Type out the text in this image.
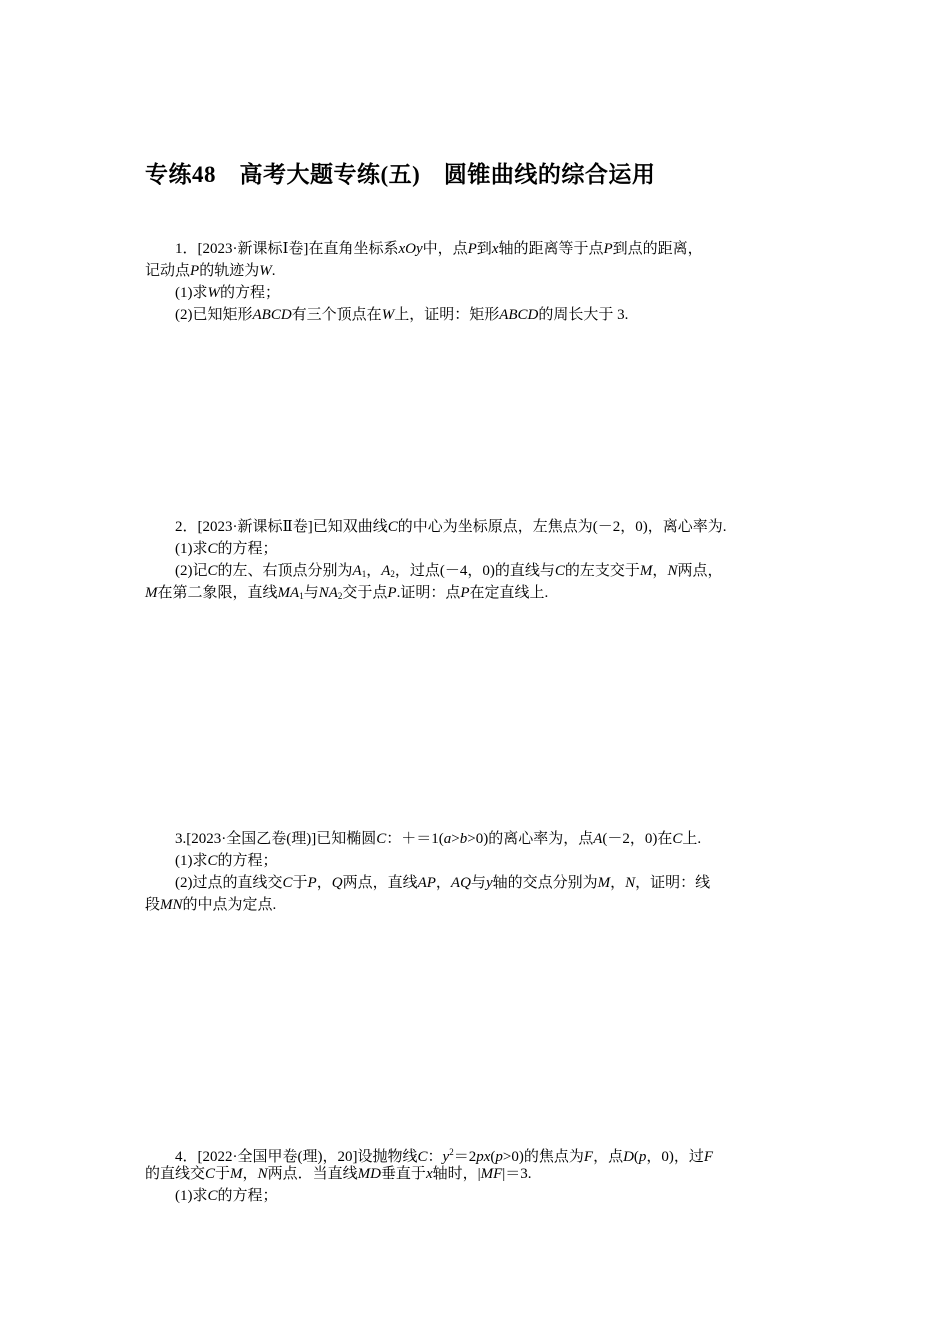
专练48　高考大题专练(五)　圆锥曲线的综合运用
1．[2023·新课标Ⅰ卷]在直角坐标系xOy中，点P到x轴的距离等于点P到点的距离，
记动点P的轨迹为W.
(1)求W的方程；
(2)已知矩形ABCD有三个顶点在W上，证明：矩形ABCD的周长大于 3.
2．[2023·新课标Ⅱ卷]已知双曲线C的中心为坐标原点，左焦点为(－2，0)，离心率为.
(1)求C的方程；
(2)记C的左、右顶点分别为$A_1$，$A_2$，过点(－4，0)的直线与C的左支交于M，N两点，
M在第二象限，直线$MA_1$与$NA_2$交于点P.证明：点P在定直线上.
3.[2023·全国乙卷(理)]已知椭圆C：＋＝1(a>b>0)的离心率为，点A(－2，0)在C上.
(1)求C的方程；
(2)过点的直线交C于P，Q两点，直线AP，AQ与y轴的交点分别为M，N，证明：线
段MN的中点为定点.
4．[2022·全国甲卷(理)，20]设抛物线C：$y^2=2px(p>0)$的焦点为F，点D(p，0)，过F
的直线交C于M，N两点．当直线MD垂直于x轴时，|MF|＝3.
(1)求C的方程；
